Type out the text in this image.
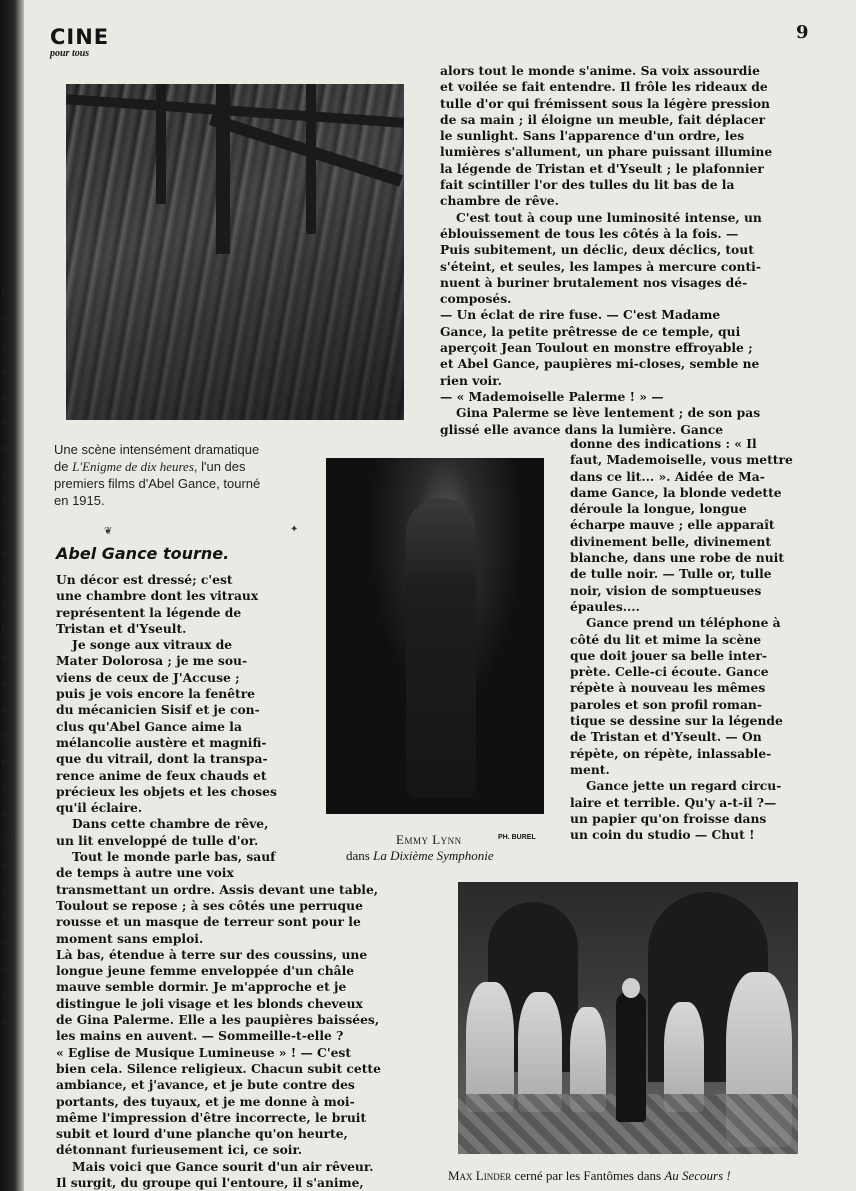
l
e
a
e
n
b
d
s
à
s
e
a
il
li
es
es
nt
n.
is
it
ur
ai
er
n,
le
es
ur
00
ne
CINE
pour tous
9
Une scène intensément dramatique
de L'Enigme de dix heures, l'un des
premiers films d'Abel Gance, tourné
en 1915.
Emmy Lynn	PH. BUREL
dans La Dixième Symphonie
Max Linder cerné par les Fantômes dans Au Secours !
❦	✦
Abel Gance tourne.
Un décor est dressé; c'est
une chambre dont les vitraux
représentent la légende de
Tristan et d'Yseult.
Je songe aux vitraux de
Mater Dolorosa ; je me sou-
viens de ceux de J'Accuse ;
puis je vois encore la fenêtre
du mécanicien Sisif et je con-
clus qu'Abel Gance aime la
mélancolie austère et magnifi-
que du vitrail, dont la transpa-
rence anime de feux chauds et
précieux les objets et les choses
qu'il éclaire.
Dans cette chambre de rêve,
un lit enveloppé de tulle d'or.
Tout le monde parle bas, sauf
de temps à autre une voix
transmettant un ordre. Assis devant une table,
Toulout se repose ; à ses côtés une perruque
rousse et un masque de terreur sont pour le
moment sans emploi.
Là bas, étendue à terre sur des coussins, une
longue jeune femme enveloppée d'un châle
mauve semble dormir. Je m'approche et je
distingue le joli visage et les blonds cheveux
de Gina Palerme. Elle a les paupières baissées,
les mains en auvent. — Sommeille-t-elle ?
« Eglise de Musique Lumineuse » ! — C'est
bien cela. Silence religieux. Chacun subit cette
ambiance, et j'avance, et je bute contre des
portants, des tuyaux, et je me donne à moi-
même l'impression d'être incorrecte, le bruit
subit et lourd d'une planche qu'on heurte,
détonnant furieusement ici, ce soir.
Mais voici que Gance sourit d'un air rêveur.
Il surgit, du groupe qui l'entoure, il s'anime,
alors tout le monde s'anime. Sa voix assourdie
et voilée se fait entendre. Il frôle les rideaux de
tulle d'or qui frémissent sous la légère pression
de sa main ; il éloigne un meuble, fait déplacer
le sunlight. Sans l'apparence d'un ordre, les
lumières s'allument, un phare puissant illumine
la légende de Tristan et d'Yseult ; le plafonnier
fait scintiller l'or des tulles du lit bas de la
chambre de rêve.
C'est tout à coup une luminosité intense, un
éblouissement de tous les côtés à la fois. —
Puis subitement, un déclic, deux déclics, tout
s'éteint, et seules, les lampes à mercure conti-
nuent à buriner brutalement nos visages dé-
composés.
— Un éclat de rire fuse. — C'est Madame
Gance, la petite prêtresse de ce temple, qui
aperçoit Jean Toulout en monstre effroyable ;
et Abel Gance, paupières mi-closes, semble ne
rien voir.
— « Mademoiselle Palerme ! » —
Gina Palerme se lève lentement ; de son pas
glissé elle avance dans la lumière. Gance
donne des indications : « Il
faut, Mademoiselle, vous mettre
dans ce lit... ». Aidée de Ma-
dame Gance, la blonde vedette
déroule la longue, longue
écharpe mauve ; elle apparaît
divinement belle, divinement
blanche, dans une robe de nuit
de tulle noir. — Tulle or, tulle
noir, vision de somptueuses
épaules....
Gance prend un téléphone à
côté du lit et mime la scène
que doit jouer sa belle inter-
prète. Celle-ci écoute. Gance
répète à nouveau les mêmes
paroles et son profil roman-
tique se dessine sur la légende
de Tristan et d'Yseult. — On
répète, on répète, inlassable-
ment.
Gance jette un regard circu-
laire et terrible. Qu'y a-t-il ?—
un papier qu'on froisse dans
un coin du studio — Chut !
